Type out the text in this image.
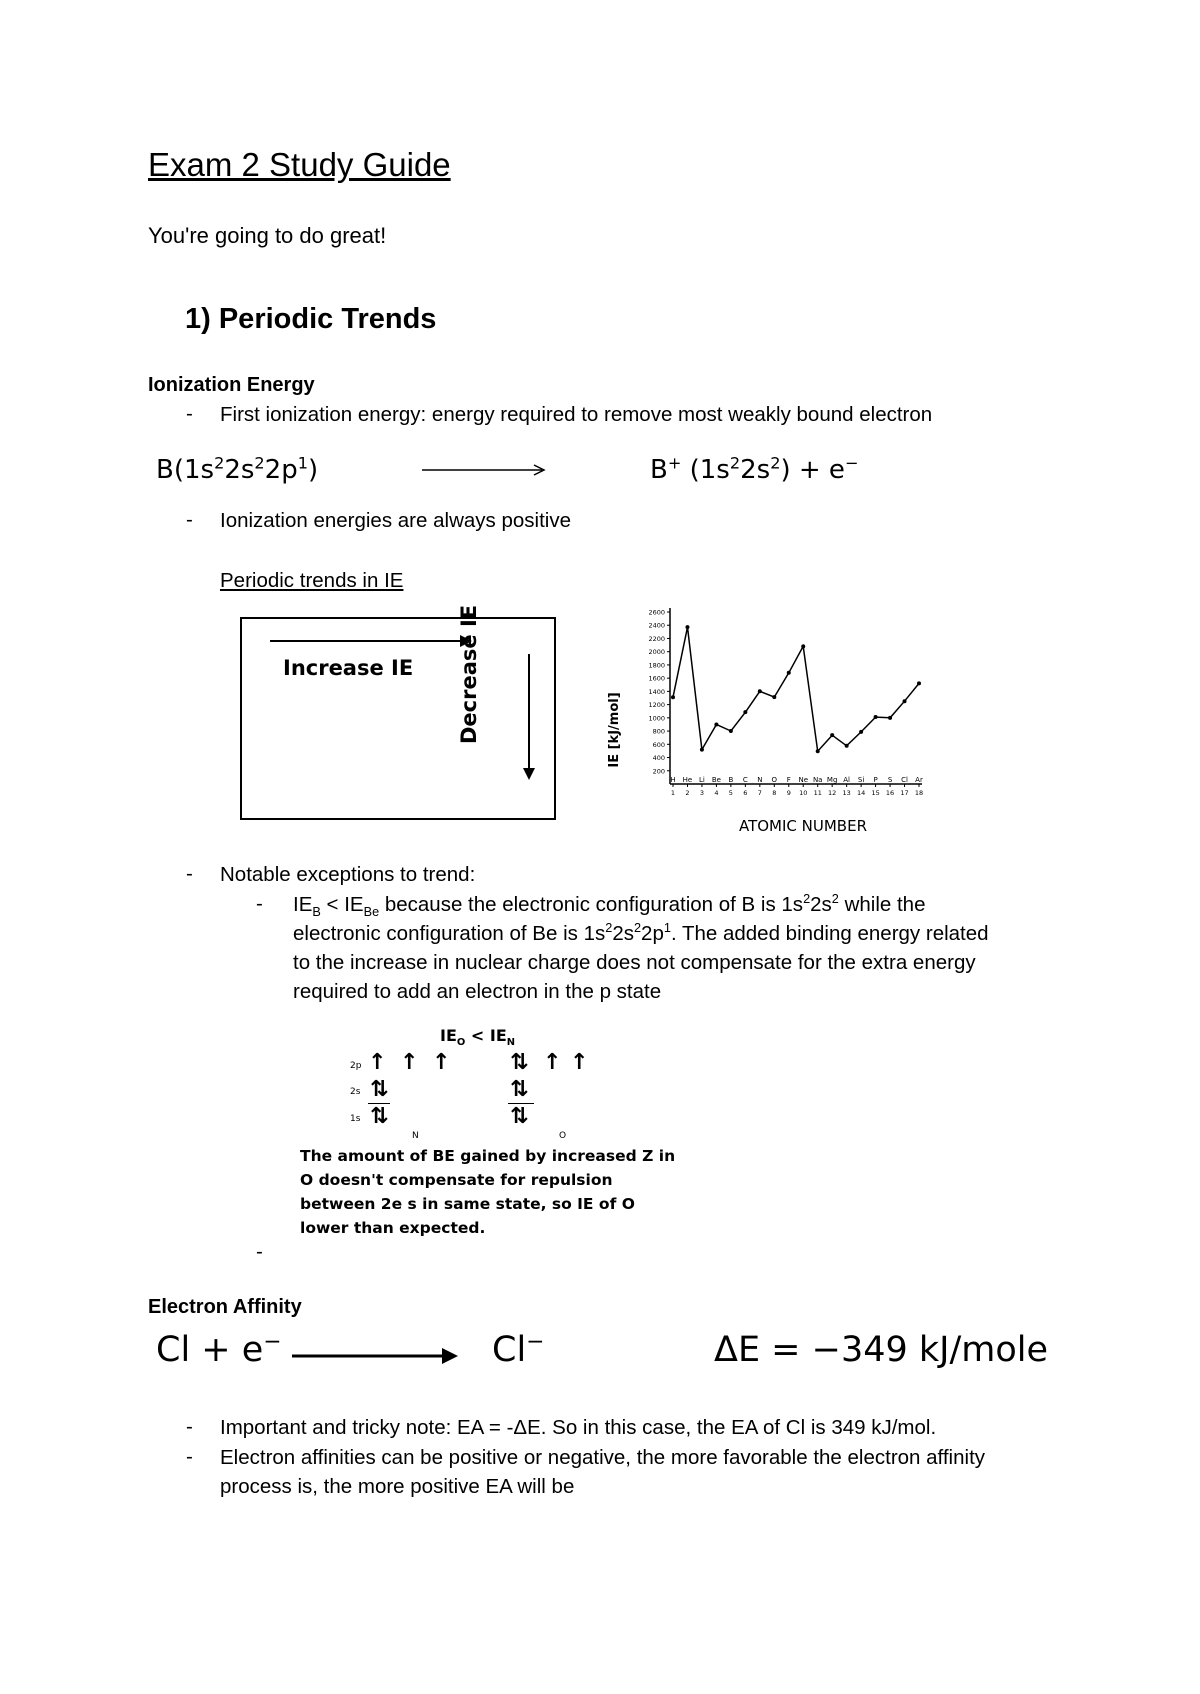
Exam 2 Study Guide
You're going to do great!
1) Periodic Trends
Ionization Energy
- First ionization energy: energy required to remove most weakly bound electron
$B(1s^22s^22p^1)$	B+ $(1s^22s^2) + e^-$
- Ionization energies are always positive
Periodic trends in IE
Increase IE Decrease IE	IE [kJ/mol]
ATOMIC NUMBER
2600
2400
2200
2000
1800
1600
1400
1200
1000
800
600
400
200
H He Li Be B C N O F Ne Na Mg Al Si P S Cl Ar
1 2 3 4 5 6 7 8 9 10 11 12 13 14 15 16 17 18
- Notable exceptions to trend:
- $IE_B < IE_{Be}$ because the electronic configuration of B is $1s^22s^2$ while the
electronic configuration of Be is $1s^22s^22p^1$. The added binding energy related
to the increase in nuclear charge does not compensate for the extra energy
required to add an electron in the p state
$IE_O < IE_N$
2p
2s
1s
↑ ↑ ↑
⇅
⇅
⇅ ↑ ↑
⇅
⇅
N	O
The amount of BE gained by increased Z in
O doesn't compensate for repulsion
between 2e s in same state, so IE of O
lower than expected.
-
Electron Affinity
Cl + e−	Cl−	ΔE = −349 kJ/mole
- Important and tricky note: EA = -ΔE. So in this case, the EA of Cl is 349 kJ/mol.
- Electron affinities can be positive or negative, the more favorable the electron affinity
process is, the more positive EA will be
